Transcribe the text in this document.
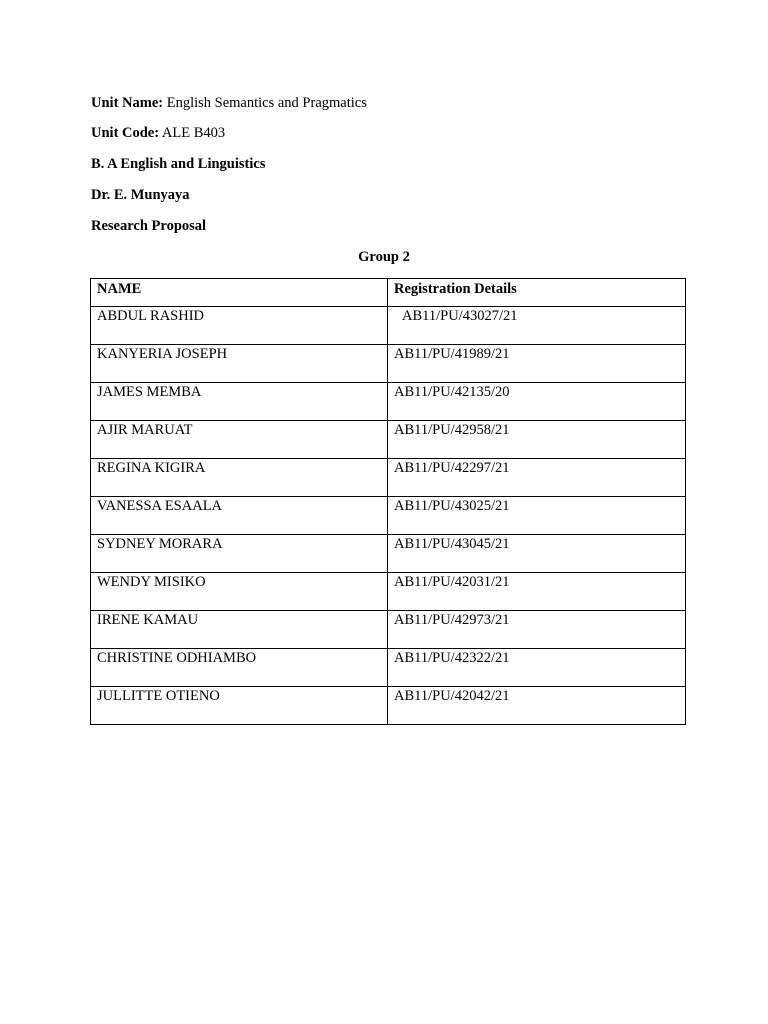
Unit Name: English Semantics and Pragmatics
Unit Code: ALE B403
B. A English and Linguistics
Dr. E. Munyaya
Research Proposal
Group 2
NAME	Registration Details
ABDUL RASHID	AB11/PU/43027/21
KANYERIA JOSEPH	AB11/PU/41989/21
JAMES MEMBA	AB11/PU/42135/20
AJIR MARUAT	AB11/PU/42958/21
REGINA KIGIRA	AB11/PU/42297/21
VANESSA ESAALA	AB11/PU/43025/21
SYDNEY MORARA	AB11/PU/43045/21
WENDY MISIKO	AB11/PU/42031/21
IRENE KAMAU	AB11/PU/42973/21
CHRISTINE ODHIAMBO	AB11/PU/42322/21
JULLITTE OTIENO	AB11/PU/42042/21
